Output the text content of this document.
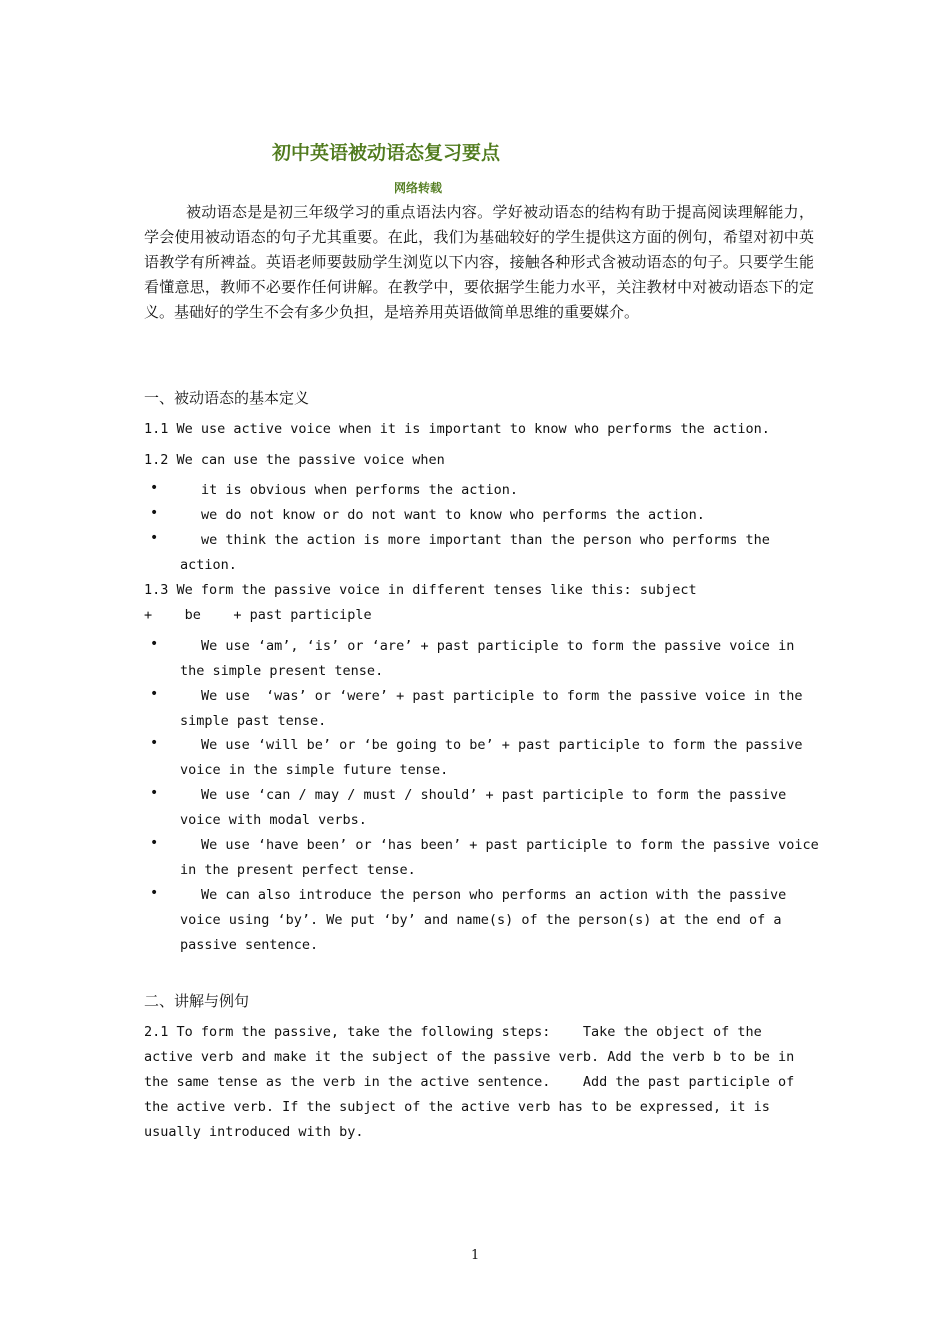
初中英语被动语态复习要点
网络转载
被动语态是是初三年级学习的重点语法内容。学好被动语态的结构有助于提高阅读理解能力，学会使用被动语态的句子尤其重要。在此，我们为基础较好的学生提供这方面的例句，希望对初中英语教学有所裨益。英语老师要鼓励学生浏览以下内容，接触各种形式含被动语态的句子。只要学生能看懂意思，教师不必要作任何讲解。在教学中，要依据学生能力水平，关注教材中对被动语态下的定义。基础好的学生不会有多少负担，是培养用英语做简单思维的重要媒介。
一、被动语态的基本定义
1.1 We use active voice when it is important to know who performs the action.
1.2 We can use the passive voice when
•	it is obvious when performs the action.
•	we do not know or do not want to know who performs the action.
•	we think the action is more important than the person who performs the action.
1.3 We form the passive voice in different tenses like this: subject
+    be    + past participle
•	We use ‘am’, ‘is’ or ‘are’ + past participle to form the passive voice in the simple present tense.
•	We use  ‘was’ or ‘were’ + past participle to form the passive voice in the simple past tense.
•	We use ‘will be’ or ‘be going to be’ + past participle to form the passive voice in the simple future tense.
•	We use ‘can / may / must / should’ + past participle to form the passive voice with modal verbs.
•	We use ‘have been’ or ‘has been’ + past participle to form the passive voice in the present perfect tense.
•	We can also introduce the person who performs an action with the passive voice using ‘by’. We put ‘by’ and name(s) of the person(s) at the end of a passive sentence.
二、讲解与例句
2.1 To form the passive, take the following steps:    Take the object of the active verb and make it the subject of the passive verb. Add the verb b to be in the same tense as the verb in the active sentence.    Add the past participle of the active verb. If the subject of the active verb has to be expressed, it is  usually introduced with by.
1
